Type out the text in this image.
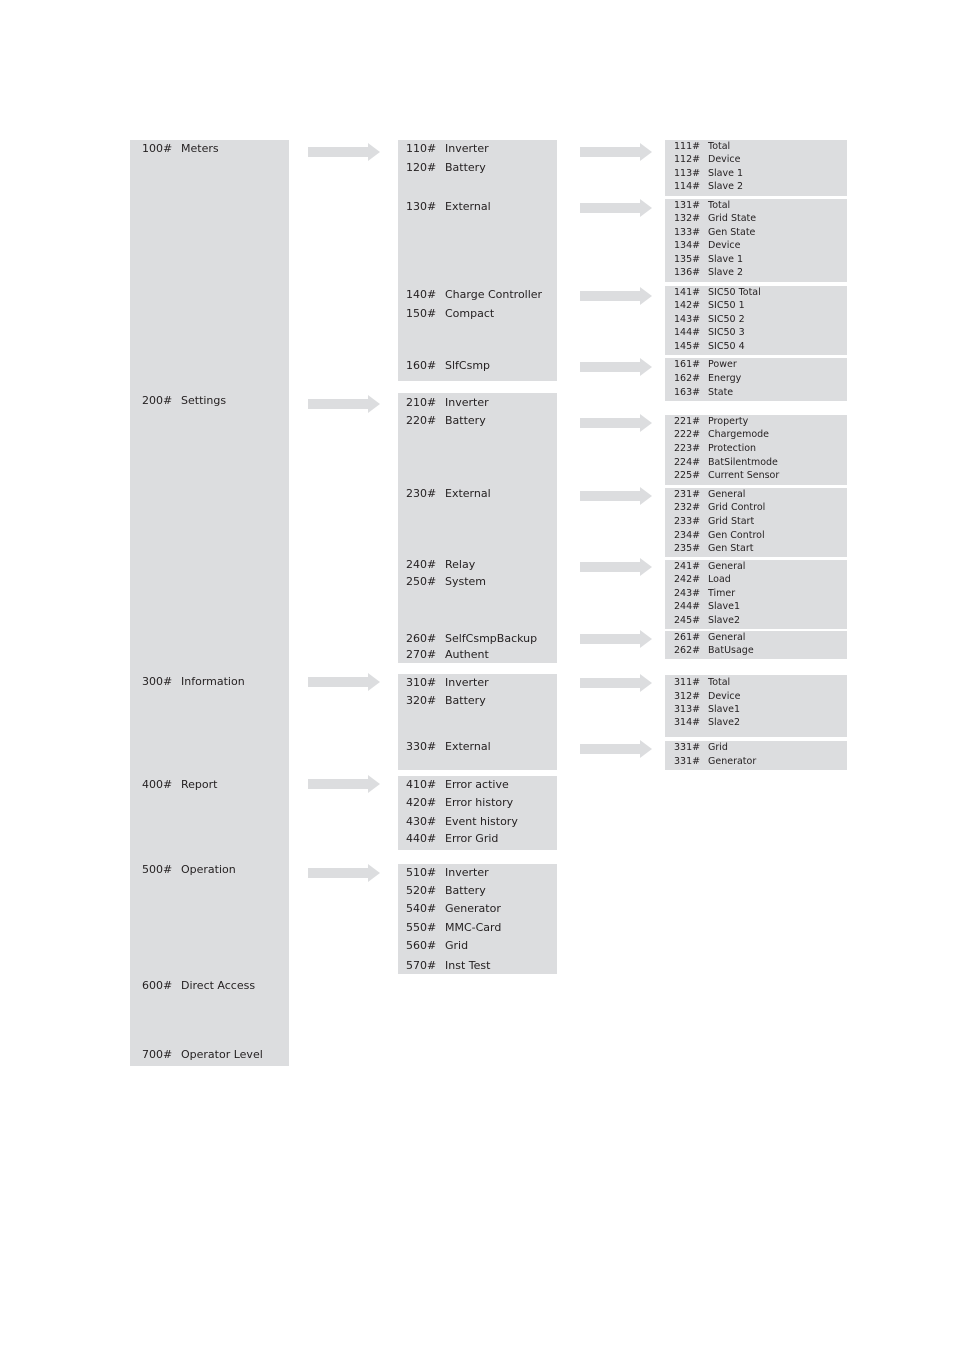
100# Meters
200# Settings
300# Information
400# Report
500# Operation
600# Direct Access
700# Operator Level
110# Inverter
120# Battery
130# External
140# Charge Controller
150# Compact
160# SlfCsmp
210# Inverter
220# Battery
230# External
240# Relay
250# System
260# SelfCsmpBackup
270# Authent
310# Inverter
320# Battery
330# External
410# Error active
420# Error history
430# Event history
440# Error Grid
510# Inverter
520# Battery
540# Generator
550# MMC-Card
560# Grid
570# Inst Test
111# Total
112# Device
113# Slave 1
114# Slave 2
131# Total
132# Grid State
133# Gen State
134# Device
135# Slave 1
136# Slave 2
141# SIC50 Total
142# SIC50 1
143# SIC50 2
144# SIC50 3
145# SIC50 4
161# Power
162# Energy
163# State
221# Property
222# Chargemode
223# Protection
224# BatSilentmode
225# Current Sensor
231# General
232# Grid Control
233# Grid Start
234# Gen Control
235# Gen Start
241# General
242# Load
243# Timer
244# Slave1
245# Slave2
261# General
262# BatUsage
311# Total
312# Device
313# Slave1
314# Slave2
331# Grid
331# Generator
